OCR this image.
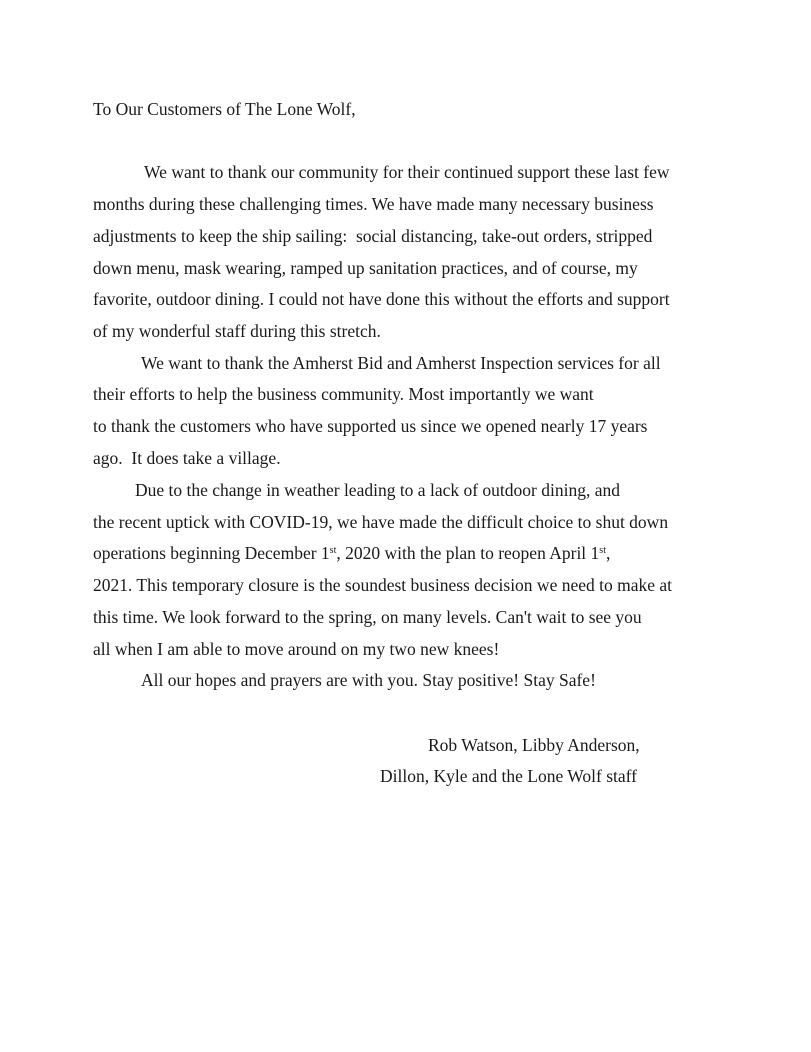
To Our Customers of The Lone Wolf,

We want to thank our community for their continued support these last few

months during these challenging times. We have made many necessary business

adjustments to keep the ship sailing:  social distancing, take-out orders, stripped

down menu, mask wearing, ramped up sanitation practices, and of course, my

favorite, outdoor dining. I could not have done this without the efforts and support

of my wonderful staff during this stretch.

We want to thank the Amherst Bid and Amherst Inspection services for all

their efforts to help the business community. Most importantly we want

to thank the customers who have supported us since we opened nearly 17 years

ago.  It does take a village.

Due to the change in weather leading to a lack of outdoor dining, and

the recent uptick with COVID-19, we have made the difficult choice to shut down

operations beginning December 1st, 2020 with the plan to reopen April 1st,

2021. This temporary closure is the soundest business decision we need to make at

this time. We look forward to the spring, on many levels. Can't wait to see you

all when I am able to move around on my two new knees!

All our hopes and prayers are with you. Stay positive! Stay Safe!

Rob Watson, Libby Anderson,

Dillon, Kyle and the Lone Wolf staff
